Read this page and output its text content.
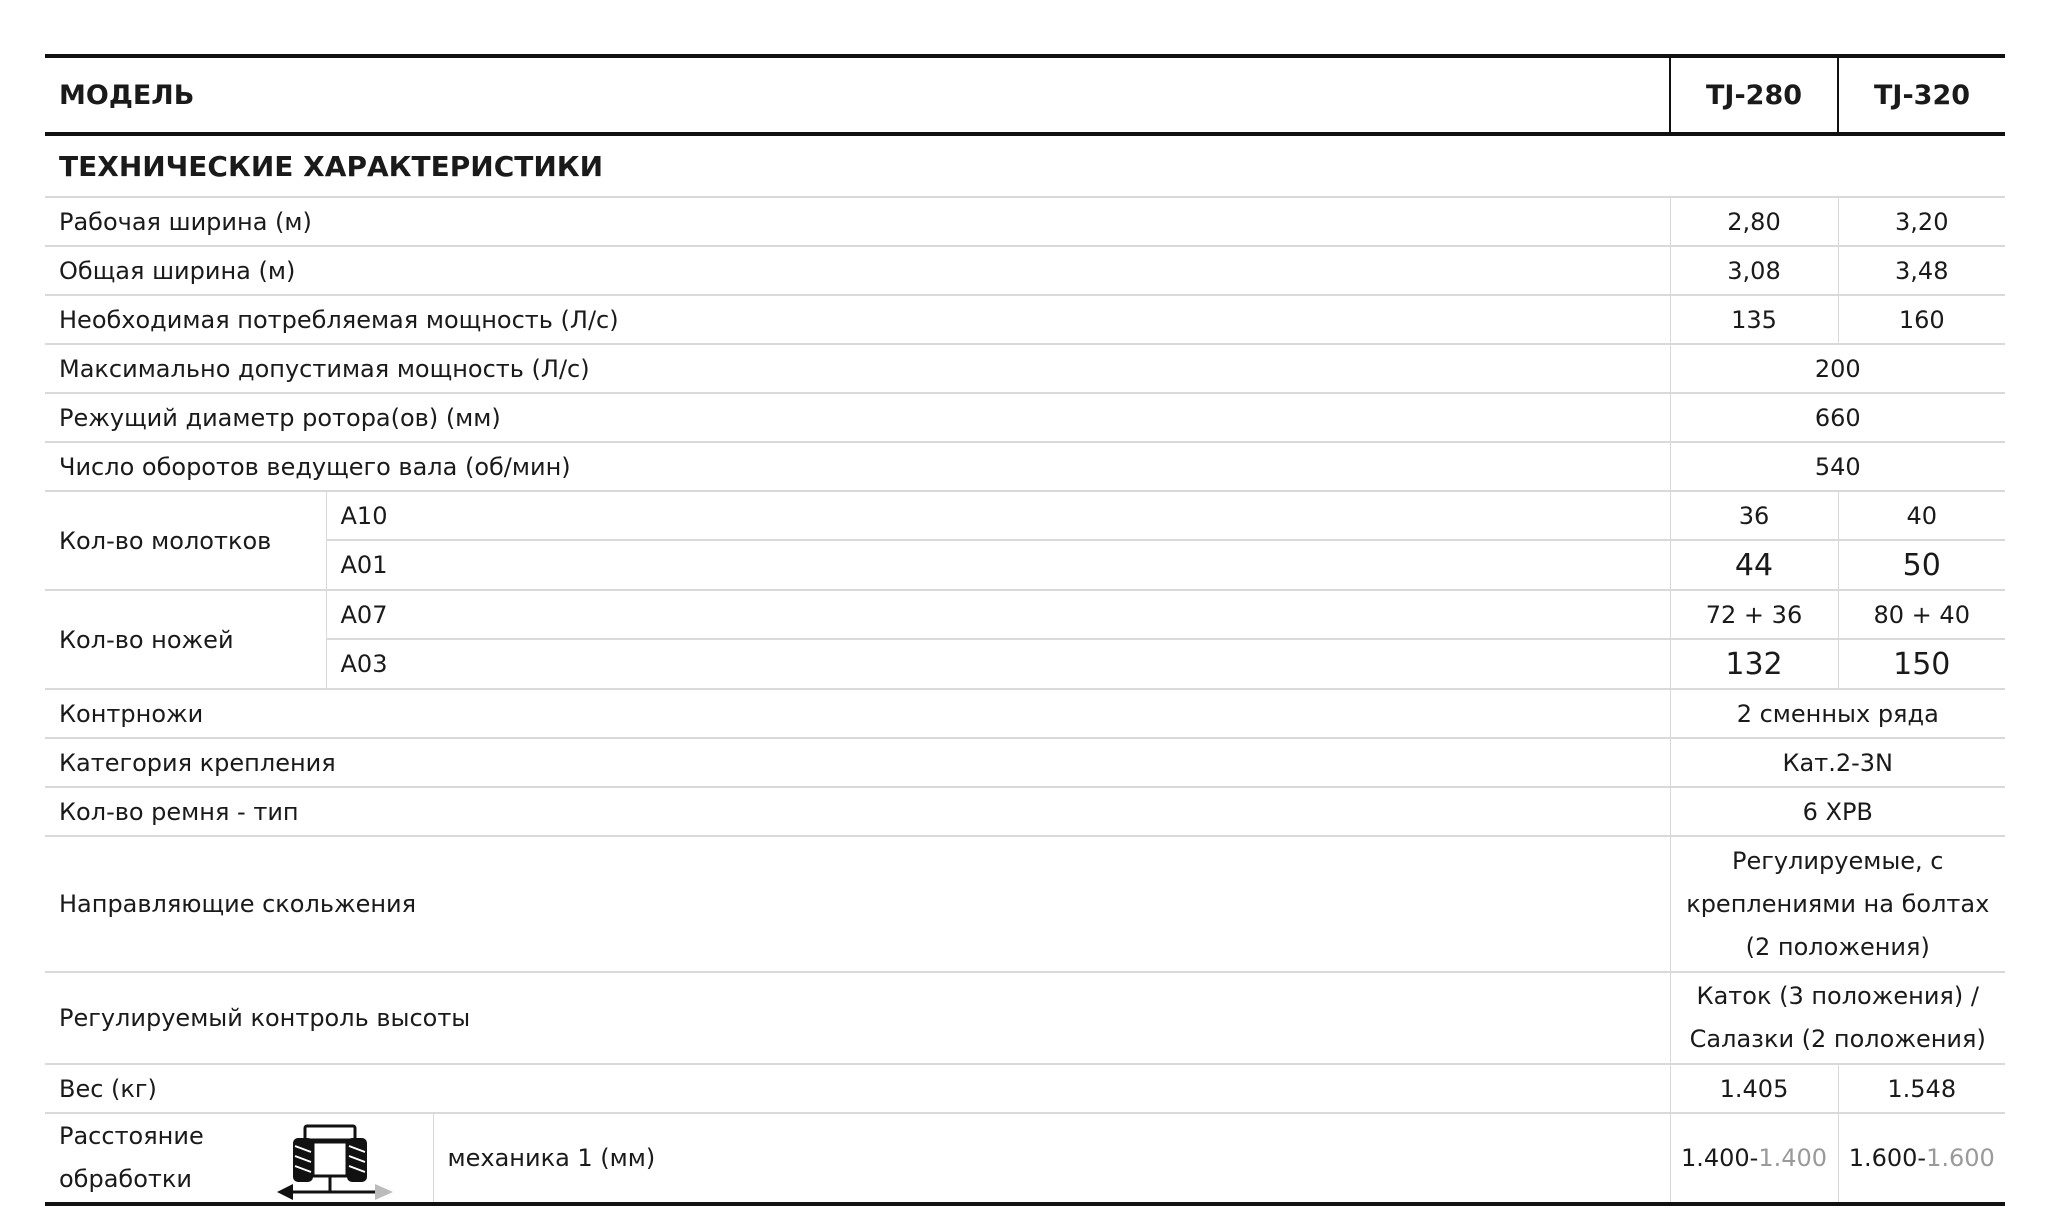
МОДЕЛЬ			TJ-280	TJ-320
ТЕХНИЧЕСКИЕ ХАРАКТЕРИСТИКИ				
Рабочая ширина (м)			2,80	3,20
Общая ширина (м)			3,08	3,48
Необходимая потребляемая мощность (Л/с)			135	160
Максимально допустимая мощность (Л/с)			200	
Режущий диаметр ротора(ов) (мм)			660	
Число оборотов ведущего вала (об/мин)			540	
Кол-во молотков	A10		36	40
	A01		44	50
Кол-во ножей	A07		72 + 36	80 + 40
	A03		132	150
Контрножи			2 сменных ряда	
Категория крепления			Кат.2-3N	
Кол-во ремня - тип			6 XPB	
Направляющие скольжения			Регулируемые, с креплениями на болтах (2 положения)	
Регулируемый контроль высоты			Каток (3 положения) / Салазки (2 положения)	
Вес (кг)			1.405	1.548

Расстояние обработки		механика 1 (мм)	1.400-1.400	1.600-1.600
